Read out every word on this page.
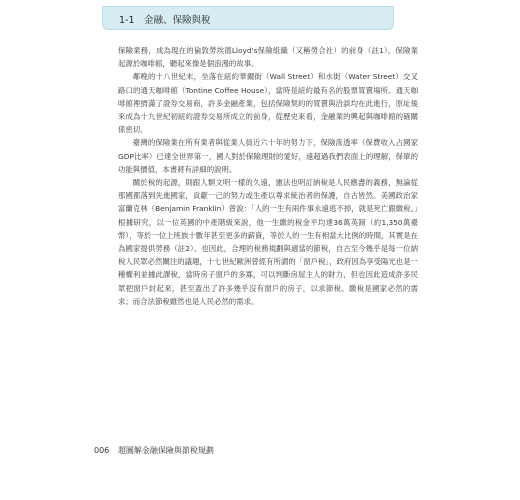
1-1　金融、保險與稅

保險業務，成為現在的倫敦勞埃德Lloyd's保險組織（又稱勞合社）的前身（註1）。保險業起源於咖啡館，聽起來像是個浪漫的故事。

鄰晚的十八世紀末，坐落在紐約華爾街（Wall Street）和水街（Water Street）交叉路口的通天咖啡館（Tontine Coffee House），當時是紐約最有名的股票買賣場所。通天咖啡館裡擠滿了證券交易商，許多金融產業，包括保險契約的買賣與洽談均在此進行，原址後來成為十九世紀初紐約證券交易所成立的前身，從歷史來看，金融業的興起與咖啡館的確關係密切。

臺灣的保險業在所有業者與從業人員近六十年的努力下，保險滲透率（保費收入占國家GDP比率）已達全世界第一，國人對於保險理財的愛好，遠超過我們表面上的理解，保單的功能與價值，本書將有詳細的說明。

關於稅的起源，則跟人類文明一樣的久遠，憲法也明訂納稅是人民應盡的義務，無論從那國都落到先進國家，貢獻一己的努力或生產以尊求統治者的保護，自古皆然。美國政治家富蘭克林（Benjamin Franklin）曾說：「人的一生有兩件事永遠逃不掉，就是死亡跟繳稅。」根據研究，以一位英國的中產階級來說，他一生繳的稅金平均達36萬英鎊（約1,350萬臺幣），等於一位上班族十數年甚至更多的薪資，等於人的一生有相當大比例的時間，其實是在為國家提供勞務（註2）。也因此，合理的稅務規劃與適當的節稅，自古至今幾乎是每一位納稅人民眾必然關注的議題，十七世紀歐洲曾經有所謂的「窗戶稅」，政府因為享受陽光也是一種權利並據此課稅，當時房子窗戶的多寡，可以判斷房屋主人的財力，但也因此造成許多民眾把窗戶封起來，甚至蓋出了許多幾乎沒有窗戶的房子，以求節稅。繳稅是國家必然的需求；而合法節稅雖然也是人民必然的需求。

006 超圖解金融保險與節稅規劃
